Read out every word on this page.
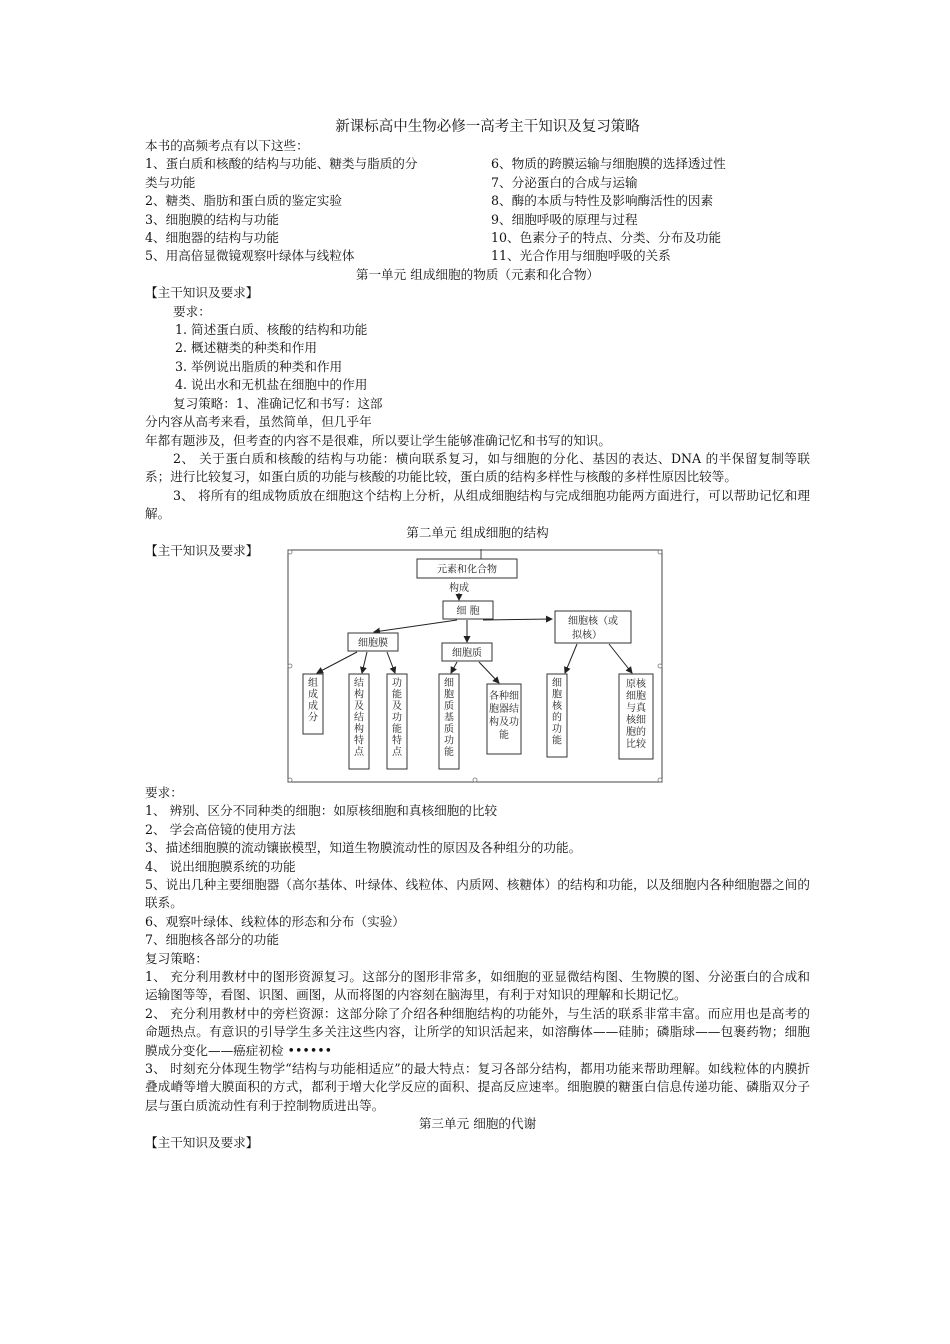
新课标高中生物必修一高考主干知识及复习策略
本书的高频考点有以下这些：
1、蛋白质和核酸的结构与功能、糖类与脂质的分
类与功能
2、糖类、脂肪和蛋白质的鉴定实验
3、细胞膜的结构与功能
4、细胞器的结构与功能
5、用高倍显微镜观察叶绿体与线粒体
6、物质的跨膜运输与细胞膜的选择透过性
7、分泌蛋白的合成与运输
8、酶的本质与特性及影响酶活性的因素
9、细胞呼吸的原理与过程
10、色素分子的特点、分类、分布及功能
11、光合作用与细胞呼吸的关系
第一单元 组成细胞的物质（元素和化合物）
【主干知识及要求】
要求：
1. 简述蛋白质、核酸的结构和功能
2. 概述糖类的种类和作用
3. 举例说出脂质的种类和作用
4. 说出水和无机盐在细胞中的作用
复习策略：1、准确记忆和书写：这部
分内容从高考来看，虽然简单，但几乎年
年都有题涉及，但考查的内容不是很难，所以要让学生能够准确记忆和书写的知识。
2、 关于蛋白质和核酸的结构与功能：横向联系复习，如与细胞的分化、基因的表达、DNA 的半保留复制等联系；进行比较复习，如蛋白质的功能与核酸的功能比较，蛋白质的结构多样性与核酸的多样性原因比较等。
3、 将所有的组成物质放在细胞这个结构上分析，从组成细胞结构与完成细胞功能两方面进行，可以帮助记忆和理解。
第二单元 组成细胞的结构
【主干知识及要求】
元素和化合物
构成
细 胞
细胞膜
细胞质
细胞核（或
拟核）
组成成分
结构及结构特点
功能及功能特点
细胞质基质功能
各种细胞器结构及功能
细胞核的功能
原核细胞与真核细胞的比较
要求：
1、 辨别、区分不同种类的细胞：如原核细胞和真核细胞的比较
2、 学会高倍镜的使用方法
3、描述细胞膜的流动镶嵌模型，知道生物膜流动性的原因及各种组分的功能。
4、 说出细胞膜系统的功能
5、说出几种主要细胞器（高尔基体、叶绿体、线粒体、内质网、核糖体）的结构和功能，以及细胞内各种细胞器之间的联系。
6、观察叶绿体、线粒体的形态和分布（实验）
7、细胞核各部分的功能
复习策略：
1、 充分利用教材中的图形资源复习。这部分的图形非常多，如细胞的亚显微结构图、生物膜的图、分泌蛋白的合成和运输图等等，看图、识图、画图，从而将图的内容刻在脑海里，有利于对知识的理解和长期记忆。
2、 充分利用教材中的旁栏资源：这部分除了介绍各种细胞结构的功能外，与生活的联系非常丰富。而应用也是高考的命题热点。有意识的引导学生多关注这些内容，让所学的知识活起来，如溶酶体——硅肺；磷脂球——包裹药物；细胞膜成分变化——癌症初检 ••••••
3、 时刻充分体现生物学“结构与功能相适应”的最大特点：复习各部分结构，都用功能来帮助理解。如线粒体的内膜折叠成嵴等增大膜面积的方式，都利于增大化学反应的面积、提高反应速率。细胞膜的糖蛋白信息传递功能、磷脂双分子层与蛋白质流动性有利于控制物质进出等。
第三单元 细胞的代谢
【主干知识及要求】
